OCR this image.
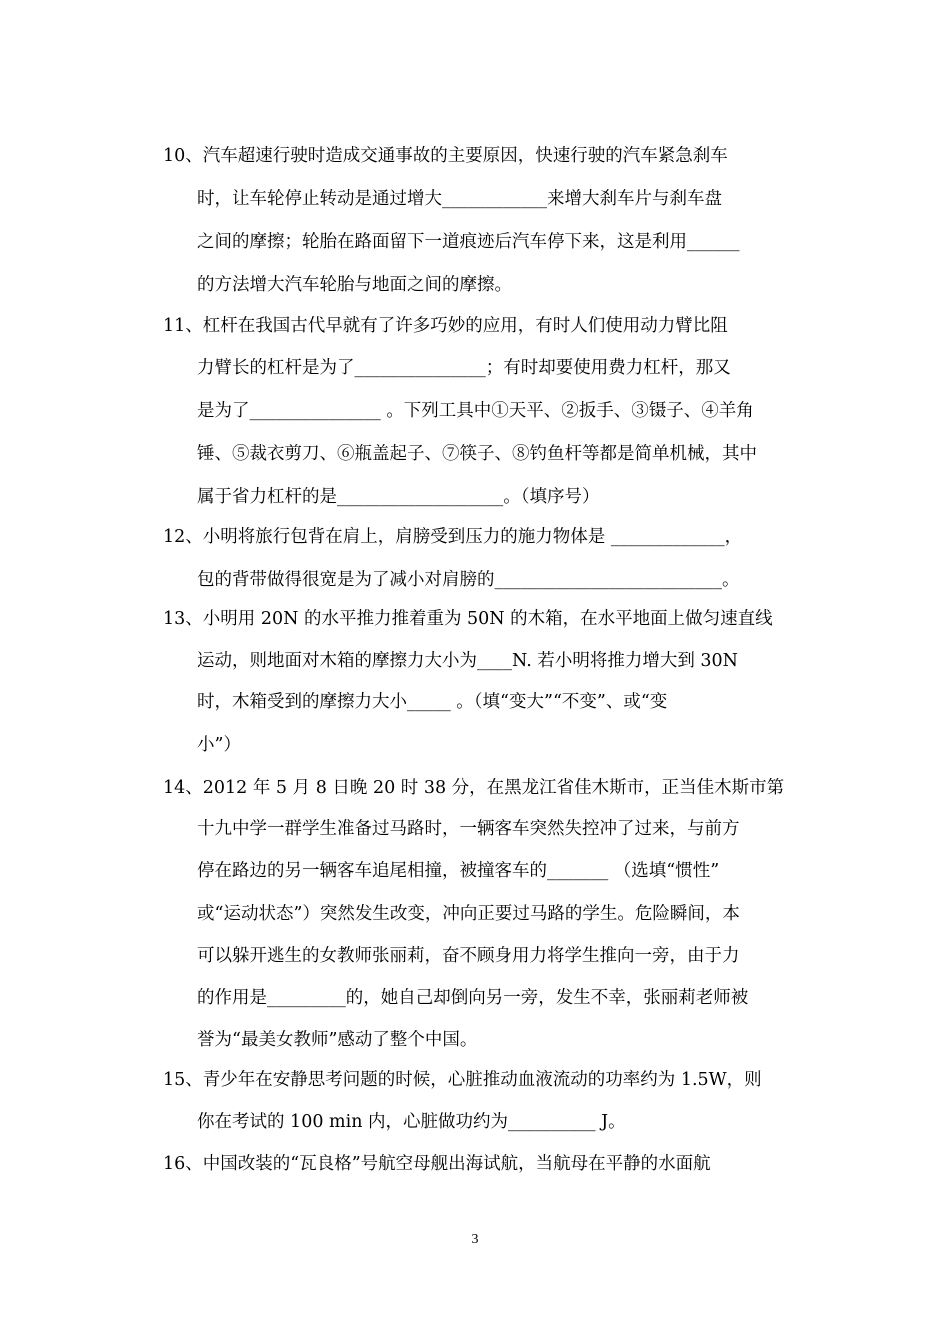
10、汽车超速行驶时造成交通事故的主要原因，快速行驶的汽车紧急刹车
时，让车轮停止转动是通过增大____________来增大刹车片与刹车盘
之间的摩擦；轮胎在路面留下一道痕迹后汽车停下来，这是利用______
的方法增大汽车轮胎与地面之间的摩擦。
11、杠杆在我国古代早就有了许多巧妙的应用，有时人们使用动力臂比阻
力臂长的杠杆是为了_______________；有时却要使用费力杠杆，那又
是为了_______________ 。下列工具中①天平、②扳手、③镊子、④羊角
锤、⑤裁衣剪刀、⑥瓶盖起子、⑦筷子、⑧钓鱼杆等都是简单机械，其中
属于省力杠杆的是___________________。（填序号）
12、小明将旅行包背在肩上，肩膀受到压力的施力物体是 _____________，
包的背带做得很宽是为了减小对肩膀的__________________________。
13、小明用 20N 的水平推力推着重为 50N 的木箱，在水平地面上做匀速直线
运动，则地面对木箱的摩擦力大小为____N. 若小明将推力增大到 30N
时，木箱受到的摩擦力大小_____ 。（填“变大”“不变”、或“变
小”）
14、2012 年 5 月 8 日晚 20 时 38 分，在黑龙江省佳木斯市，正当佳木斯市第
十九中学一群学生准备过马路时，一辆客车突然失控冲了过来，与前方
停在路边的另一辆客车追尾相撞，被撞客车的_______ （选填“惯性”
或“运动状态”）突然发生改变，冲向正要过马路的学生。危险瞬间，本
可以躲开逃生的女教师张丽莉，奋不顾身用力将学生推向一旁，由于力
的作用是_________的，她自己却倒向另一旁，发生不幸，张丽莉老师被
誉为“最美女教师”感动了整个中国。
15、青少年在安静思考问题的时候，心脏推动血液流动的功率约为 1.5W，则
你在考试的 100 min 内，心脏做功约为__________ J。
16、中国改装的“瓦良格”号航空母舰出海试航，当航母在平静的水面航
3
